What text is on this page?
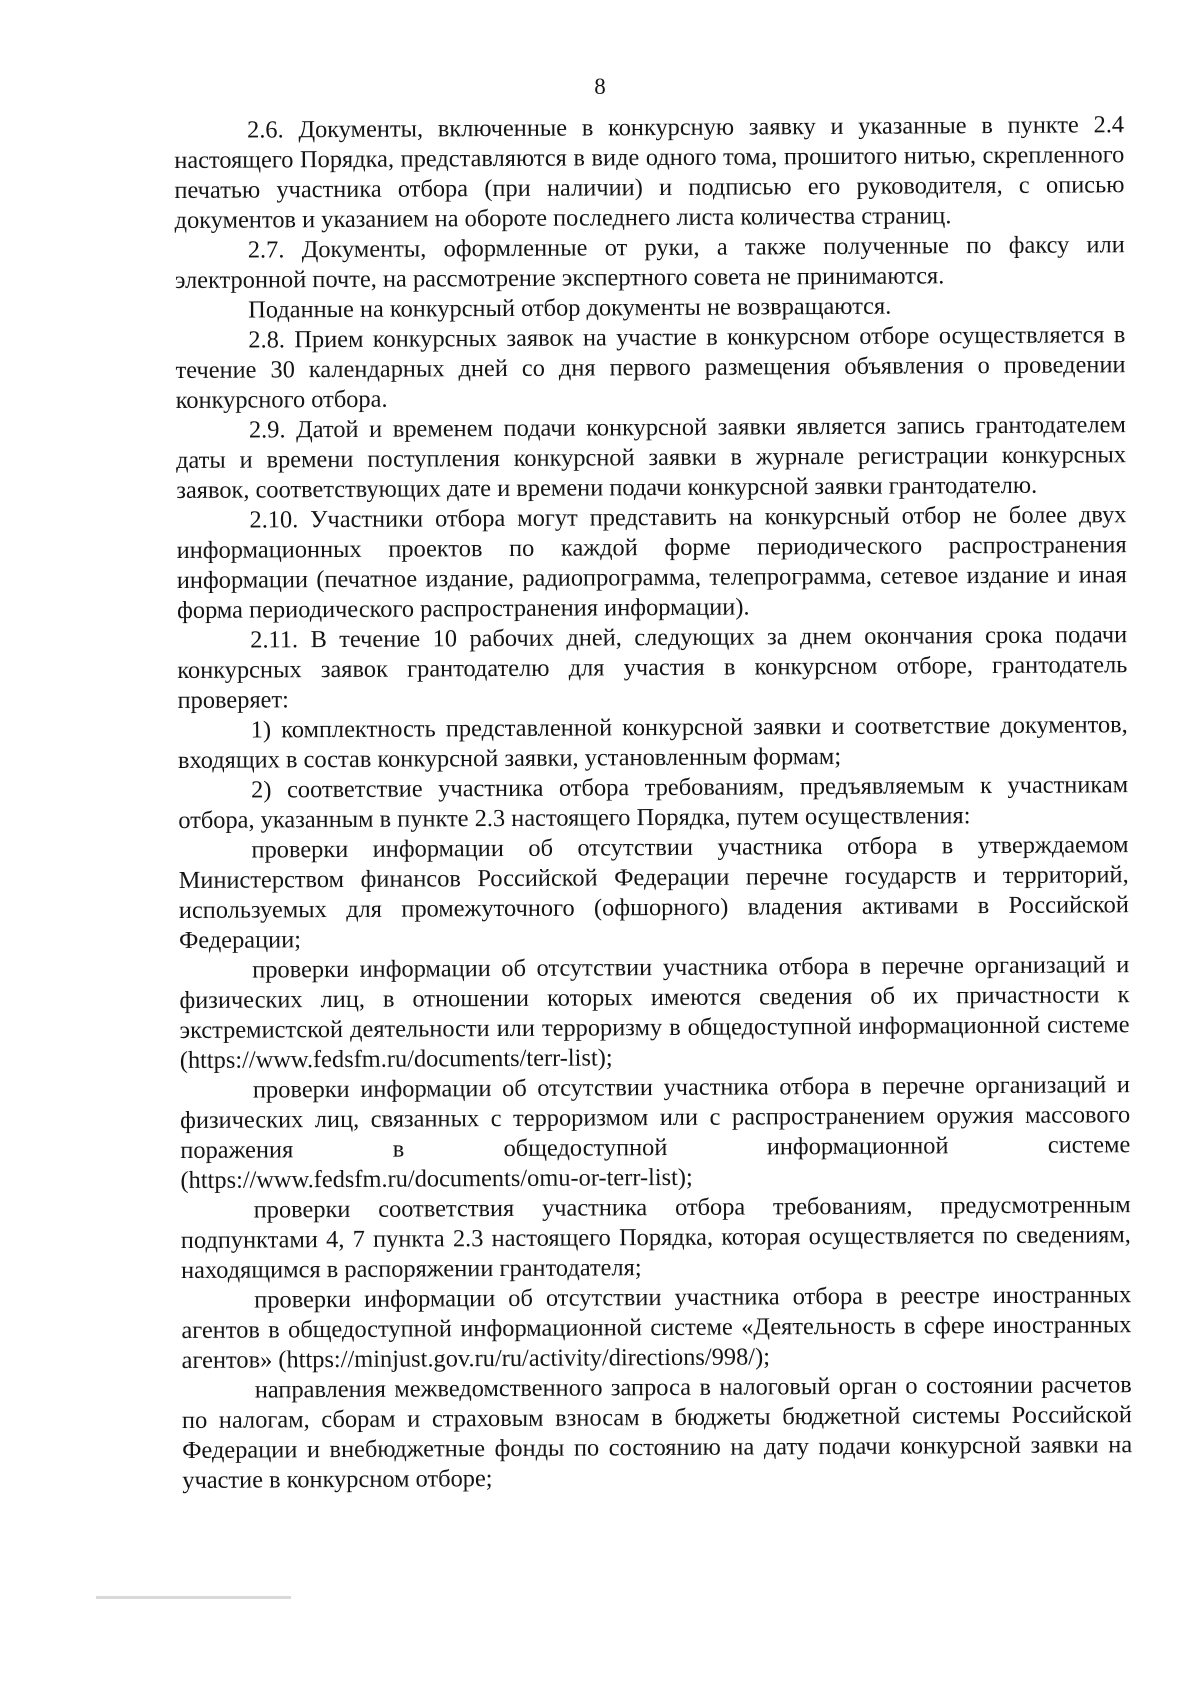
8

2.6. Документы, включенные в конкурсную заявку и указанные в пункте 2.4 настоящего Порядка, представляются в виде одного тома, прошитого нитью, скрепленного печатью участника отбора (при наличии) и подписью его руководителя, с описью документов и указанием на обороте последнего листа количества страниц.

2.7. Документы, оформленные от руки, а также полученные по факсу или электронной почте, на рассмотрение экспертного совета не принимаются.

Поданные на конкурсный отбор документы не возвращаются.

2.8. Прием конкурсных заявок на участие в конкурсном отборе осуществляется в течение 30 календарных дней со дня первого размещения объявления о проведении конкурсного отбора.

2.9. Датой и временем подачи конкурсной заявки является запись грантодателем даты и времени поступления конкурсной заявки в журнале регистрации конкурсных заявок, соответствующих дате и времени подачи конкурсной заявки грантодателю.

2.10. Участники отбора могут представить на конкурсный отбор не более двух информационных проектов по каждой форме периодического распространения информации (печатное издание, радиопрограмма, телепрограмма, сетевое издание и иная форма периодического распространения информации).

2.11. В течение 10 рабочих дней, следующих за днем окончания срока подачи конкурсных заявок грантодателю для участия в конкурсном отборе, грантодатель проверяет:

1) комплектность представленной конкурсной заявки и соответствие документов, входящих в состав конкурсной заявки, установленным формам;

2) соответствие участника отбора требованиям, предъявляемым к участникам отбора, указанным в пункте 2.3 настоящего Порядка, путем осуществления:

проверки информации об отсутствии участника отбора в утверждаемом Министерством финансов Российской Федерации перечне государств и территорий, используемых для промежуточного (офшорного) владения активами в Российской Федерации;

проверки информации об отсутствии участника отбора в перечне организаций и физических лиц, в отношении которых имеются сведения об их причастности к экстремистской деятельности или терроризму в общедоступной информационной системе (https://www.fedsfm.ru/documents/terr-list);

проверки информации об отсутствии участника отбора в перечне организаций и физических лиц, связанных с терроризмом или с распространением оружия массового поражения в общедоступной информационной системе (https://www.fedsfm.ru/documents/omu-or-terr-list);

проверки соответствия участника отбора требованиям, предусмотренным подпунктами 4, 7 пункта 2.3 настоящего Порядка, которая осуществляется по сведениям, находящимся в распоряжении грантодателя;

проверки информации об отсутствии участника отбора в реестре иностранных агентов в общедоступной информационной системе «Деятельность в сфере иностранных агентов» (https://minjust.gov.ru/ru/activity/directions/998/);

направления межведомственного запроса в налоговый орган о состоянии расчетов по налогам, сборам и страховым взносам в бюджеты бюджетной системы Российской Федерации и внебюджетные фонды по состоянию на дату подачи конкурсной заявки на участие в конкурсном отборе;
